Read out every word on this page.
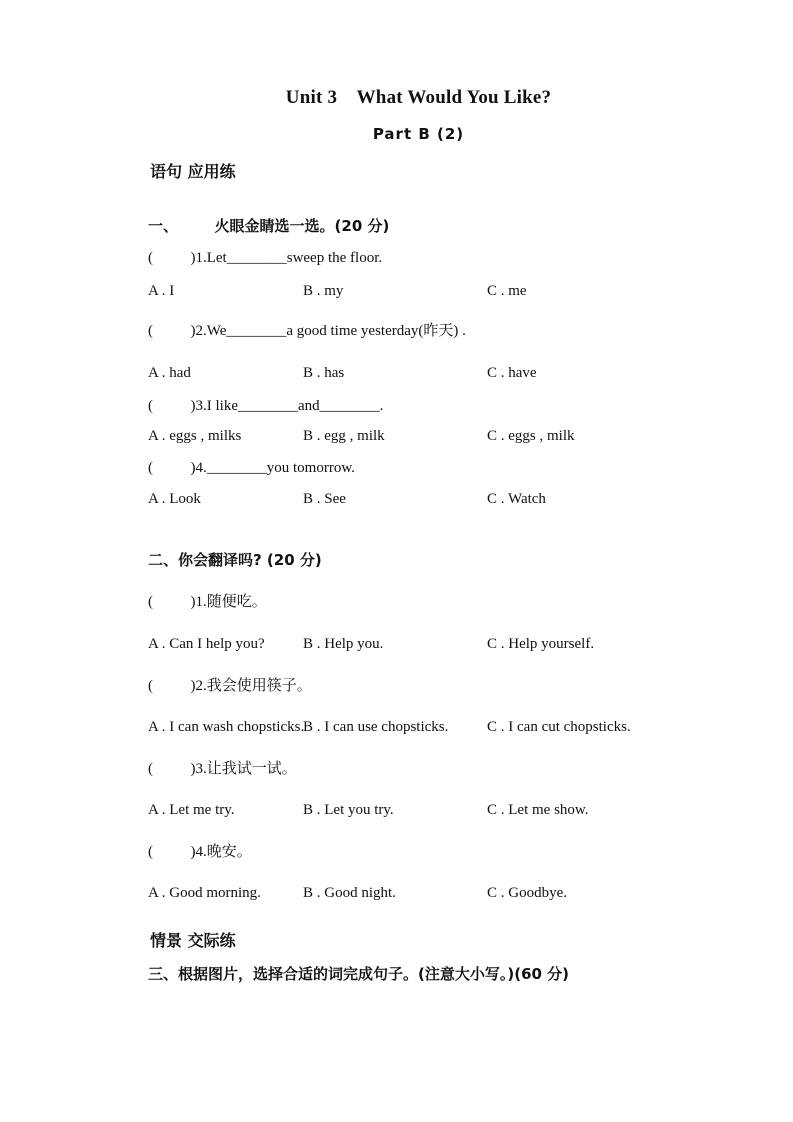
Unit 3    What Would You Like?
Part B (2)
语句 应用练
一、       火眼金睛选一选。(20 分)
(          )1.Let________sweep the floor.

A . I

	B . my

	C . me

(          )2.We________a good time yesterday(昨天) .

A . had

	B . has

	C . have

(          )3.I like________and________.

A . eggs , milks

	B . egg , milk

	C . eggs , milk

(          )4.________you tomorrow.

A . Look

	B . See

	C . Watch

二、你会翻译吗? (20 分)
(          )1.随便吃。

A . Can I help you?

	B . Help you.

	C . Help yourself.

(          )2.我会使用筷子。

A . I can wash chopsticks.

B . I can use chopsticks.

	C . I can cut chopsticks.

(          )3.让我试一试。

A . Let me try.

	B . Let you try.

	C . Let me show.

(          )4.晚安。

A . Good morning.

	B . Good night.

	C . Goodbye.

情景 交际练
三、根据图片，选择合适的词完成句子。(注意大小写。)(60 分)
